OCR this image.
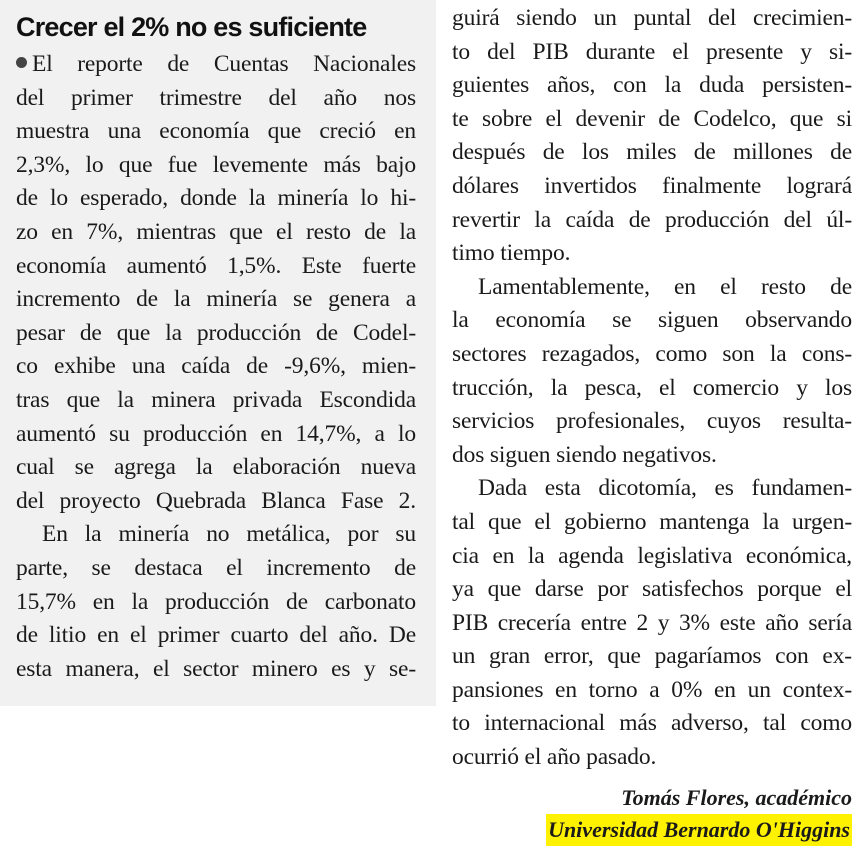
Crecer el 2% no es suficiente
El reporte de Cuentas Nacionales
del primer trimestre del año nos
muestra una economía que creció en
2,3%, lo que fue levemente más bajo
de lo esperado, donde la minería lo hi-
zo en 7%, mientras que el resto de la
economía aumentó 1,5%. Este fuerte
incremento de la minería se genera a
pesar de que la producción de Codel-
co exhibe una caída de -9,6%, mien-
tras que la minera privada Escondida
aumentó su producción en 14,7%, a lo
cual se agrega la elaboración nueva
del proyecto Quebrada Blanca Fase 2.
En la minería no metálica, por su
parte, se destaca el incremento de
15,7% en la producción de carbonato
de litio en el primer cuarto del año. De
esta manera, el sector minero es y se-
guirá siendo un puntal del crecimien-
to del PIB durante el presente y si-
guientes años, con la duda persisten-
te sobre el devenir de Codelco, que si
después de los miles de millones de
dólares invertidos finalmente logrará
revertir la caída de producción del úl-
timo tiempo.
Lamentablemente, en el resto de
la economía se siguen observando
sectores rezagados, como son la cons-
trucción, la pesca, el comercio y los
servicios profesionales, cuyos resulta-
dos siguen siendo negativos.
Dada esta dicotomía, es fundamen-
tal que el gobierno mantenga la urgen-
cia en la agenda legislativa económica,
ya que darse por satisfechos porque el
PIB crecería entre 2 y 3% este año sería
un gran error, que pagaríamos con ex-
pansiones en torno a 0% en un contex-
to internacional más adverso, tal como
ocurrió el año pasado.
Tomás Flores, académico
Universidad Bernardo O'Higgins
